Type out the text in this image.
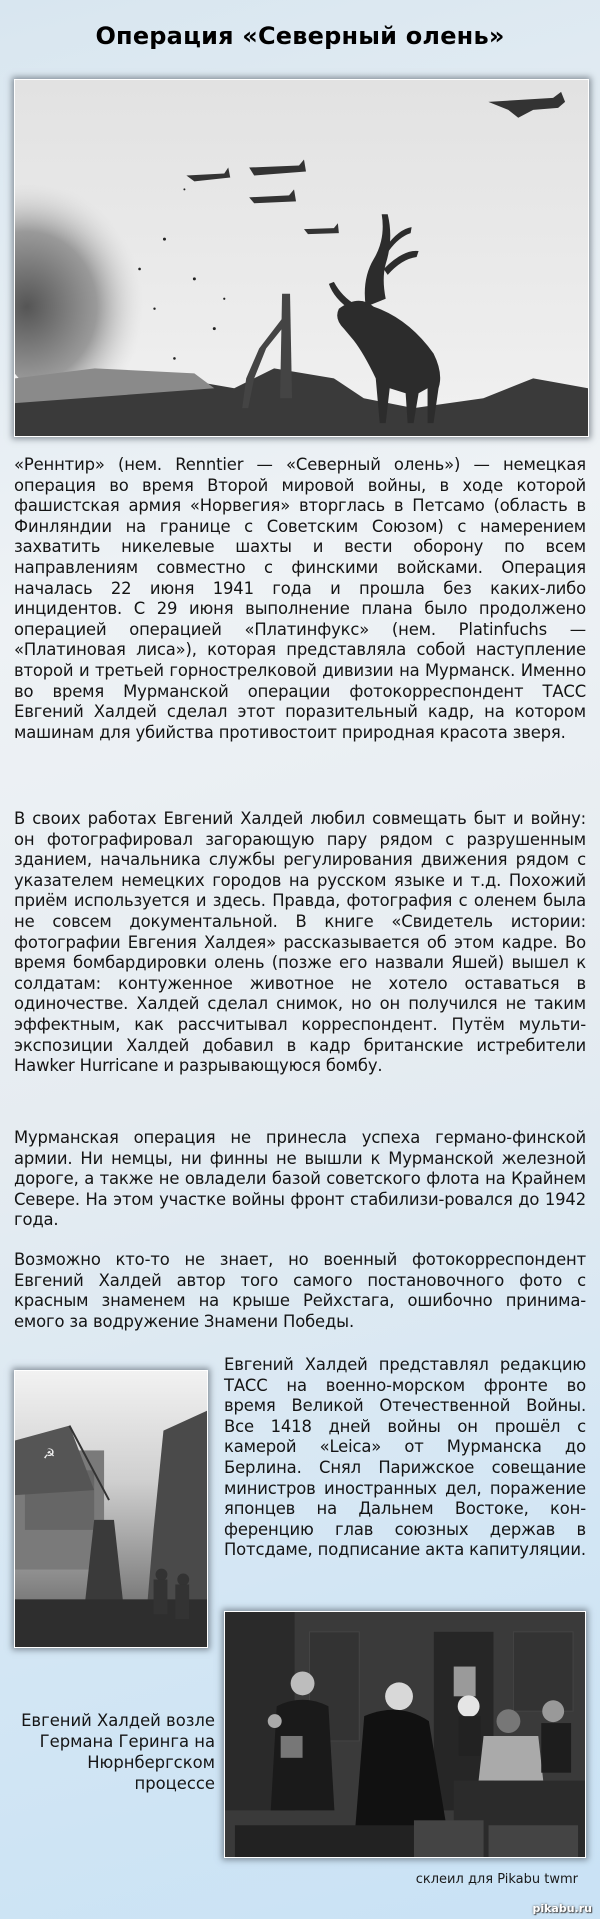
Операция «Северный олень»

«Реннтир» (нем. Renntier — «Северный олень») — немецкая операция во время Второй мировой войны, в ходе которой фашистская армия «Норвегия» вторглась в Петсамо (область в Финляндии на границе с Советским Союзом) с намерением захватить никелевые шахты и вести оборону по всем направлениям совместно с финскими войсками. Операция началась 22 июня 1941 года и прошла без каких-либо инцидентов. С 29 июня выполнение плана было продолжено операцией операцией «Платинфукс» (нем. Platinfuchs — «Платиновая лиса»), которая представляла собой наступление второй и третьей горнострелковой дивизии на Мурманск. Именно во время Мурманской операции фотокорреспондент ТАСС Евгений Халдей сделал этот поразительный кадр, на котором машинам для убийства противостоит природная красота зверя.

В своих работах Евгений Халдей любил совмещать быт и войну: он фотографировал загорающую пару рядом с разрушенным зданием, начальника службы регулирования движения рядом с указателем немецких городов на русском языке и т.д. Похожий приём используется и здесь. Правда, фотография с оленем была не совсем документальной. В книге «Свидетель истории: фотографии Евгения Халдея» рассказывается об этом кадре. Во время бомбардировки олень (позже его назвали Яшей) вышел к солдатам: контуженное животное не хотело оставаться в одиночестве. Халдей сделал снимок, но он получился не таким эффектным, как рассчитывал корреспондент. Путём мульти-экспозиции Халдей добавил в кадр британские истребители Hawker Hurricane и разрывающуюся бомбу.

Мурманская операция не принесла успеха германо-финской армии. Ни немцы, ни финны не вышли к Мурманской железной дороге, а также не овладели базой советского флота на Крайнем Севере. На этом участке войны фронт стабилизи-ровался до 1942 года.

Возможно кто-то не знает, но военный фотокорреспондент Евгений Халдей автор того самого постановочного фото с красным знаменем на крыше Рейхстага, ошибочно принима-емого за водружение Знамени Победы.

☭

Евгений Халдей представлял редакцию ТАСС на военно-морском фронте во время Великой Отечественной Войны. Все 1418 дней войны он прошёл с камерой «Leica» от Мурманска до Берлина. Снял Парижское совещание министров иностранных дел, поражение японцев на Дальнем Востоке, кон-ференцию глав союзных держав в Потсдаме, подписание акта капитуляции.

Евгений Халдей возле Германа Геринга на Нюрнбергском процессе
склеил для Pikabu twmr
pikabu.ru
